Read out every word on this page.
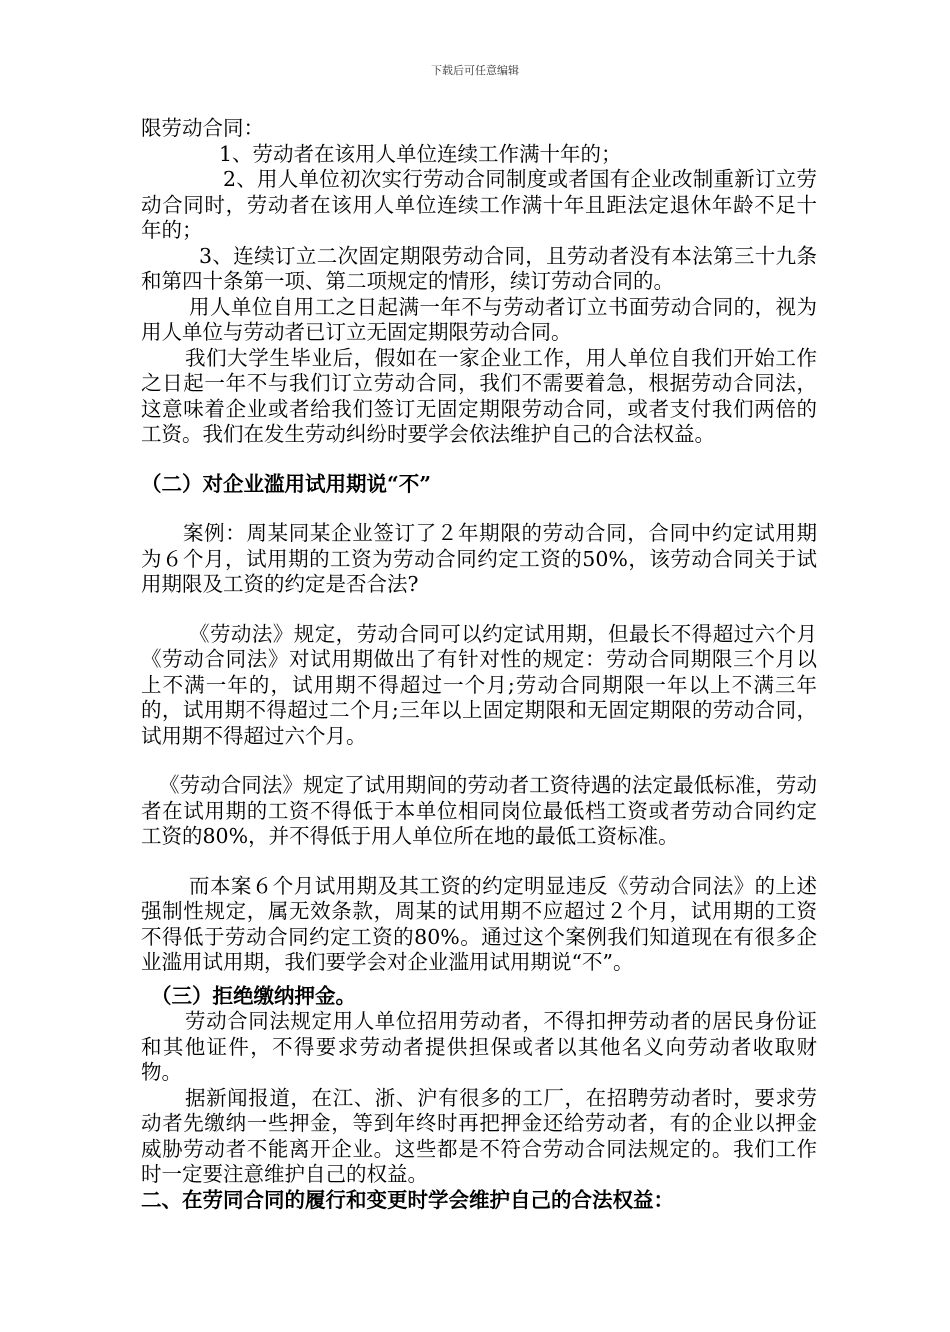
下载后可任意编辑

限劳动合同：

1、劳动者在该用人单位连续工作满十年的；

2、用人单位初次实行劳动合同制度或者国有企业改制重新订立劳动合同时，劳动者在该用人单位连续工作满十年且距法定退休年龄不足十年的；

3、连续订立二次固定期限劳动合同，且劳动者没有本法第三十九条和第四十条第一项、第二项规定的情形，续订劳动合同的。

用人单位自用工之日起满一年不与劳动者订立书面劳动合同的，视为用人单位与劳动者已订立无固定期限劳动合同。

我们大学生毕业后，假如在一家企业工作，用人单位自我们开始工作之日起一年不与我们订立劳动合同，我们不需要着急，根据劳动合同法，这意味着企业或者给我们签订无固定期限劳动合同，或者支付我们两倍的工资。我们在发生劳动纠纷时要学会依法维护自己的合法权益。

（二）对企业滥用试用期说“不”

案例：周某同某企业签订了２年期限的劳动合同，合同中约定试用期为６个月，试用期的工资为劳动合同约定工资的50%，该劳动合同关于试用期限及工资的约定是否合法?

《劳动法》规定，劳动合同可以约定试用期，但最长不得超过六个月《劳动合同法》对试用期做出了有针对性的规定：劳动合同期限三个月以上不满一年的，试用期不得超过一个月;劳动合同期限一年以上不满三年的，试用期不得超过二个月;三年以上固定期限和无固定期限的劳动合同，试用期不得超过六个月。

《劳动合同法》规定了试用期间的劳动者工资待遇的法定最低标准，劳动者在试用期的工资不得低于本单位相同岗位最低档工资或者劳动合同约定工资的80%，并不得低于用人单位所在地的最低工资标准。

而本案６个月试用期及其工资的约定明显违反《劳动合同法》的上述强制性规定，属无效条款，周某的试用期不应超过２个月，试用期的工资不得低于劳动合同约定工资的80%。通过这个案例我们知道现在有很多企业滥用试用期，我们要学会对企业滥用试用期说“不”。

（三）拒绝缴纳押金。

劳动合同法规定用人单位招用劳动者，不得扣押劳动者的居民身份证和其他证件，不得要求劳动者提供担保或者以其他名义向劳动者收取财物。

据新闻报道，在江、浙、沪有很多的工厂，在招聘劳动者时，要求劳动者先缴纳一些押金，等到年终时再把押金还给劳动者，有的企业以押金威胁劳动者不能离开企业。这些都是不符合劳动合同法规定的。我们工作时一定要注意维护自己的权益。

二、在劳同合同的履行和变更时学会维护自己的合法权益：
